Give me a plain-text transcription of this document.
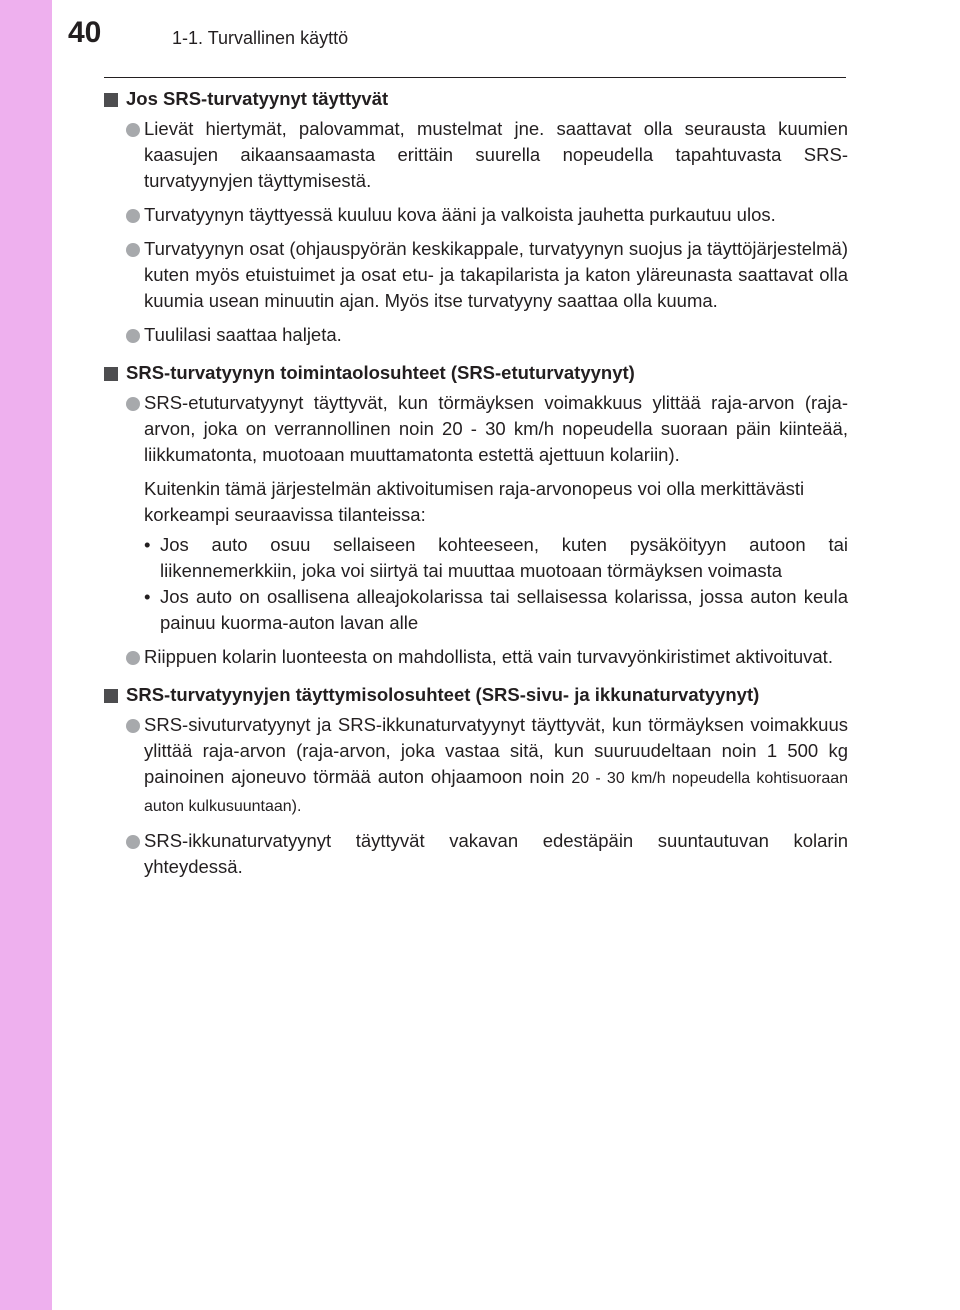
40	1-1. Turvallinen käyttö
Jos SRS-turvatyynyt täyttyvät
Lievät hiertymät, palovammat, mustelmat jne. saattavat olla seurausta kuumien kaasujen aikaansaamasta erittäin suurella nopeudella tapahtuvasta SRS-turvatyynyjen täyttymisestä.
Turvatyynyn täyttyessä kuuluu kova ääni ja valkoista jauhetta purkautuu ulos.
Turvatyynyn osat (ohjauspyörän keskikappale, turvatyynyn suojus ja täyttöjärjestelmä) kuten myös etuistuimet ja osat etu- ja takapilarista ja katon yläreunasta saattavat olla kuumia usean minuutin ajan. Myös itse turvatyyny saattaa olla kuuma.
Tuulilasi saattaa haljeta.
SRS-turvatyynyn toimintaolosuhteet (SRS-etuturvatyynyt)
SRS-etuturvatyynyt täyttyvät, kun törmäyksen voimakkuus ylittää raja-arvon (raja-arvon, joka on verrannollinen noin 20 - 30 km/h nopeudella suoraan päin kiinteää, liikkumatonta, muotoaan muuttamatonta estettä ajettuun kolariin).
Kuitenkin tämä järjestelmän aktivoitumisen raja-arvonopeus voi olla merkittävästi korkeampi seuraavissa tilanteissa:
• Jos auto osuu sellaiseen kohteeseen, kuten pysäköityyn autoon tai liikennemerkkiin, joka voi siirtyä tai muuttaa muotoaan törmäyksen voimasta
• Jos auto on osallisena alleajokolarissa tai sellaisessa kolarissa, jossa auton keula painuu kuorma-auton lavan alle
Riippuen kolarin luonteesta on mahdollista, että vain turvavyönkiristimet aktivoituvat.
SRS-turvatyynyjen täyttymisolosuhteet (SRS-sivu- ja ikkunaturvatyynyt)
SRS-sivuturvatyynyt ja SRS-ikkunaturvatyynyt täyttyvät, kun törmäyksen voimakkuus ylittää raja-arvon (raja-arvon, joka vastaa sitä, kun suuruudeltaan noin 1 500 kg painoinen ajoneuvo törmää auton ohjaamoon noin 20 - 30 km/h nopeudella kohtisuoraan auton kulkusuuntaan).
SRS-ikkunaturvatyynyt täyttyvät vakavan edestäpäin suuntautuvan kolarin yhteydessä.
